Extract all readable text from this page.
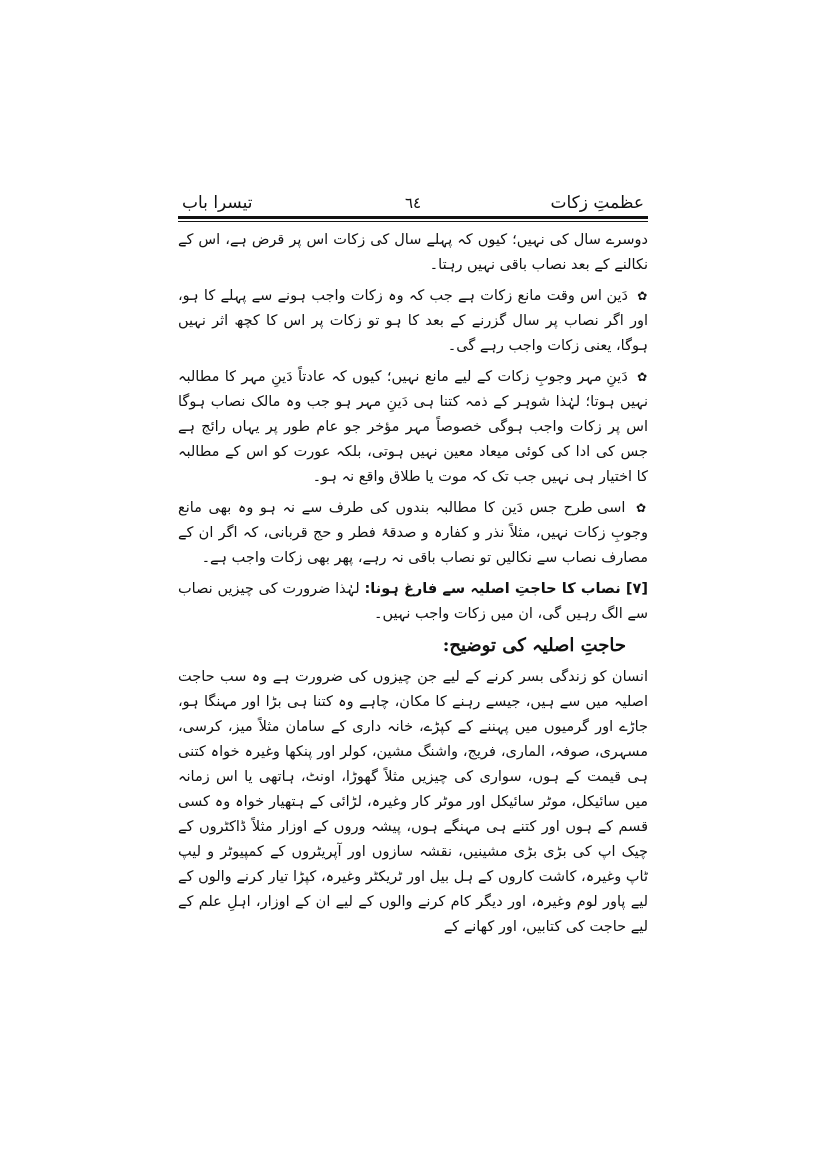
عظمتِ زکات
٦٤
تیسرا باب

دوسرے سال کی نہیں؛ کیوں کہ پہلے سال کی زکات اس پر قرض ہے، اس کے نکالنے کے بعد نصاب باقی نہیں رہتا۔

✿ دَین اس وقت مانع زکات ہے جب کہ وہ زکات واجب ہونے سے پہلے کا ہو، اور اگر نصاب پر سال گزرنے کے بعد کا ہو تو زکات پر اس کا کچھ اثر نہیں ہوگا، یعنی زکات واجب رہے گی۔

✿ دَینِ مہر وجوبِ زکات کے لیے مانع نہیں؛ کیوں کہ عادتاً دَینِ مہر کا مطالبہ نہیں ہوتا؛ لہٰذا شوہر کے ذمہ کتنا ہی دَینِ مہر ہو جب وہ مالک نصاب ہوگا اس پر زکات واجب ہوگی خصوصاً مہر مؤخر جو عام طور پر یہاں رائج ہے جس کی ادا کی کوئی میعاد معین نہیں ہوتی، بلکہ عورت کو اس کے مطالبہ کا اختیار ہی نہیں جب تک کہ موت یا طلاق واقع نہ ہو۔

✿ اسی طرح جس دَین کا مطالبہ بندوں کی طرف سے نہ ہو وہ بھی مانع وجوبِ زکات نہیں، مثلاً نذر و کفارہ و صدقۂ فطر و حج قربانی، کہ اگر ان کے مصارف نصاب سے نکالیں تو نصاب باقی نہ رہے، پھر بھی زکات واجب ہے۔

[۷] نصاب کا حاجتِ اصلیہ سے فارغ ہونا: لہٰذا ضرورت کی چیزیں نصاب سے الگ رہیں گی، ان میں زکات واجب نہیں۔

حاجتِ اصلیہ کی توضیح:

انسان کو زندگی بسر کرنے کے لیے جن چیزوں کی ضرورت ہے وہ سب حاجت اصلیہ میں سے ہیں، جیسے رہنے کا مکان، چاہے وہ کتنا ہی بڑا اور مہنگا ہو، جاڑے اور گرمیوں میں پہننے کے کپڑے، خانہ داری کے سامان مثلاً میز، کرسی، مسہری، صوفہ، الماری، فریج، واشنگ مشین، کولر اور پنکھا وغیرہ خواہ کتنی ہی قیمت کے ہوں، سواری کی چیزیں مثلاً گھوڑا، اونٹ، ہاتھی یا اس زمانہ میں سائیکل، موٹر سائیکل اور موٹر کار وغیرہ، لڑائی کے ہتھیار خواہ وہ کسی قسم کے ہوں اور کتنے ہی مہنگے ہوں، پیشہ وروں کے اوزار مثلاً ڈاکٹروں کے چیک اپ کی بڑی بڑی مشینیں، نقشہ سازوں اور آپریٹروں کے کمپیوٹر و لیپ ٹاپ وغیرہ، کاشت کاروں کے ہل بیل اور ٹریکٹر وغیرہ، کپڑا تیار کرنے والوں کے لیے پاور لوم وغیرہ، اور دیگر کام کرنے والوں کے لیے ان کے اوزار، اہلِ علم کے لیے حاجت کی کتابیں، اور کھانے کے
